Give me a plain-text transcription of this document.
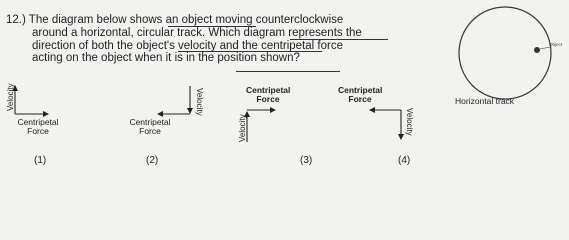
12.) The diagram below shows an object moving counterclockwise
around a horizontal, circular track. Which diagram represents the
direction of both the object's velocity and the centripetal force
acting on the object when it is in the position shown?
Horizontal track
Object
Velocity
Centripetal Force
(1)
Velocity
Centripetal Force
(2)
Centripetal Force
Velocity
(3)
Centripetal Force
Velocity
(4)
